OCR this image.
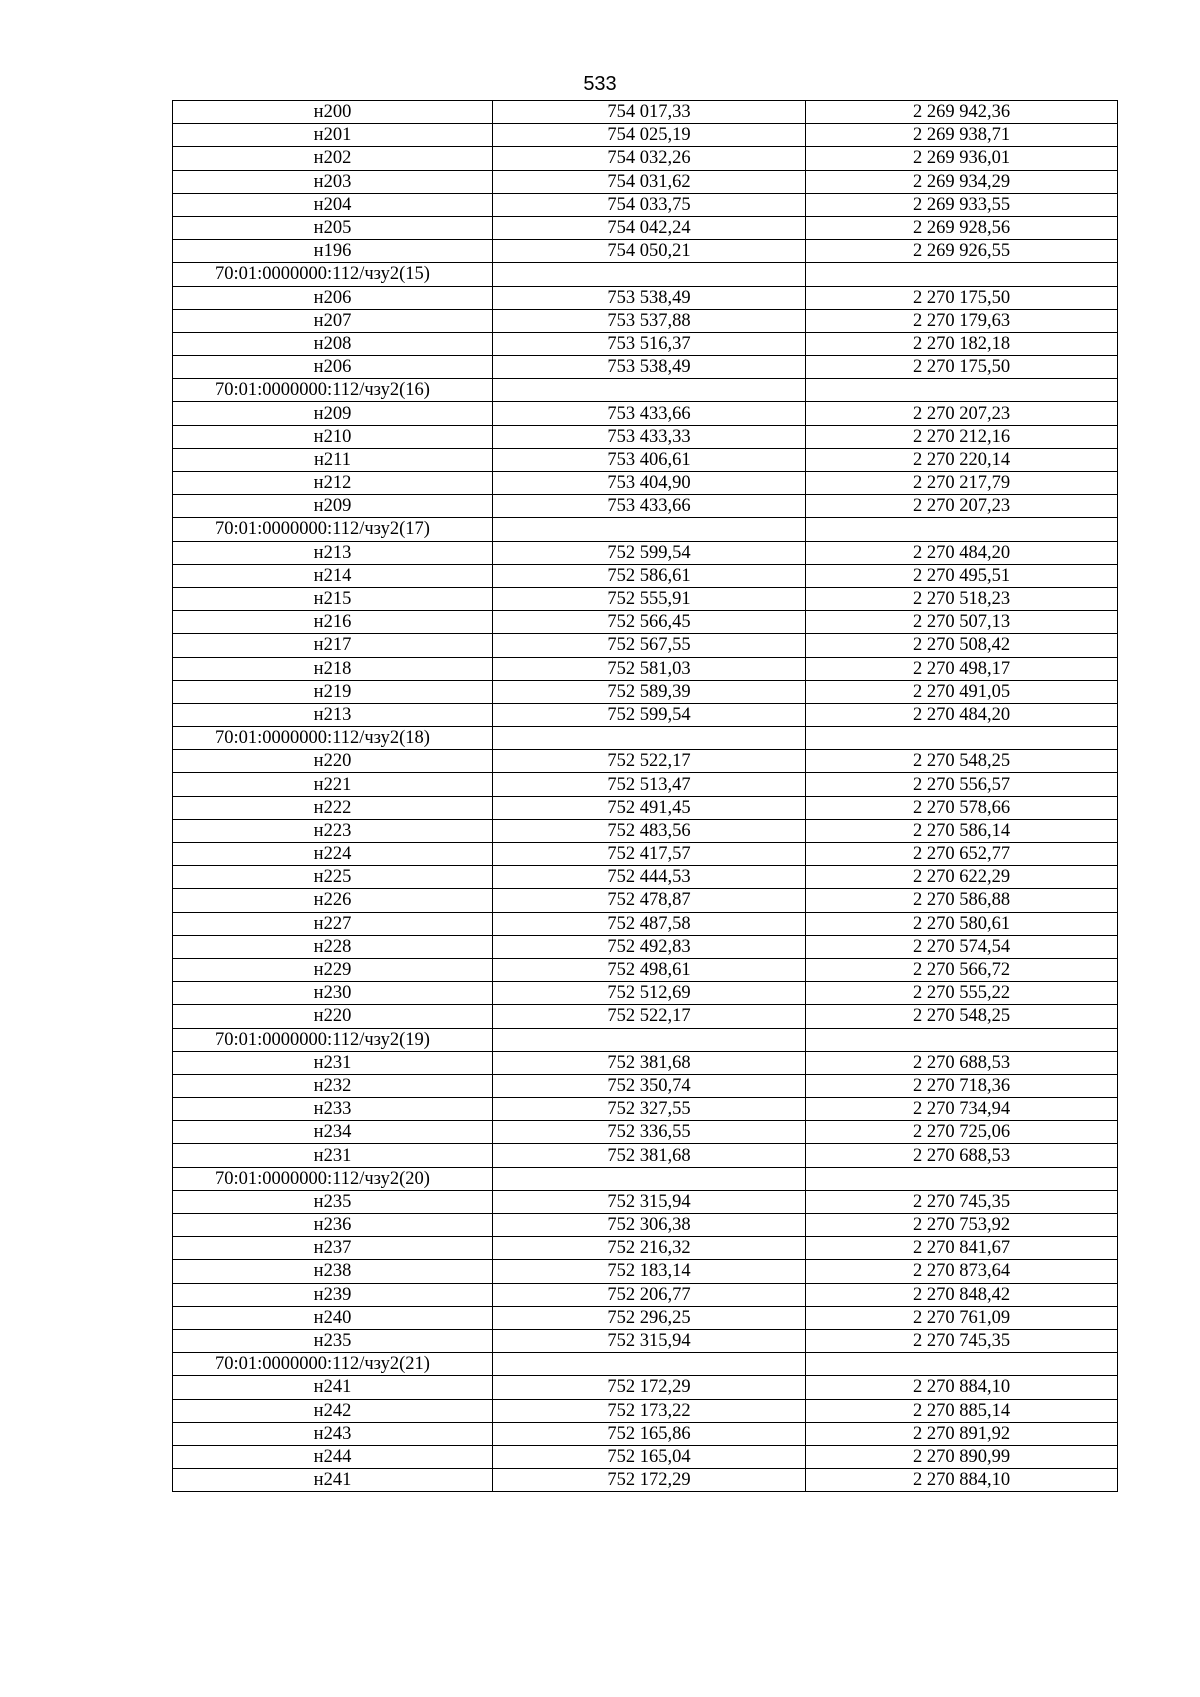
533
н200	754 017,33	2 269 942,36
н201	754 025,19	2 269 938,71
н202	754 032,26	2 269 936,01
н203	754 031,62	2 269 934,29
н204	754 033,75	2 269 933,55
н205	754 042,24	2 269 928,56
н196	754 050,21	2 269 926,55
70:01:0000000:112/чзу2(15)		
н206	753 538,49	2 270 175,50
н207	753 537,88	2 270 179,63
н208	753 516,37	2 270 182,18
н206	753 538,49	2 270 175,50
70:01:0000000:112/чзу2(16)		
н209	753 433,66	2 270 207,23
н210	753 433,33	2 270 212,16
н211	753 406,61	2 270 220,14
н212	753 404,90	2 270 217,79
н209	753 433,66	2 270 207,23
70:01:0000000:112/чзу2(17)		
н213	752 599,54	2 270 484,20
н214	752 586,61	2 270 495,51
н215	752 555,91	2 270 518,23
н216	752 566,45	2 270 507,13
н217	752 567,55	2 270 508,42
н218	752 581,03	2 270 498,17
н219	752 589,39	2 270 491,05
н213	752 599,54	2 270 484,20
70:01:0000000:112/чзу2(18)		
н220	752 522,17	2 270 548,25
н221	752 513,47	2 270 556,57
н222	752 491,45	2 270 578,66
н223	752 483,56	2 270 586,14
н224	752 417,57	2 270 652,77
н225	752 444,53	2 270 622,29
н226	752 478,87	2 270 586,88
н227	752 487,58	2 270 580,61
н228	752 492,83	2 270 574,54
н229	752 498,61	2 270 566,72
н230	752 512,69	2 270 555,22
н220	752 522,17	2 270 548,25
70:01:0000000:112/чзу2(19)		
н231	752 381,68	2 270 688,53
н232	752 350,74	2 270 718,36
н233	752 327,55	2 270 734,94
н234	752 336,55	2 270 725,06
н231	752 381,68	2 270 688,53
70:01:0000000:112/чзу2(20)		
н235	752 315,94	2 270 745,35
н236	752 306,38	2 270 753,92
н237	752 216,32	2 270 841,67
н238	752 183,14	2 270 873,64
н239	752 206,77	2 270 848,42
н240	752 296,25	2 270 761,09
н235	752 315,94	2 270 745,35
70:01:0000000:112/чзу2(21)		
н241	752 172,29	2 270 884,10
н242	752 173,22	2 270 885,14
н243	752 165,86	2 270 891,92
н244	752 165,04	2 270 890,99
н241	752 172,29	2 270 884,10
